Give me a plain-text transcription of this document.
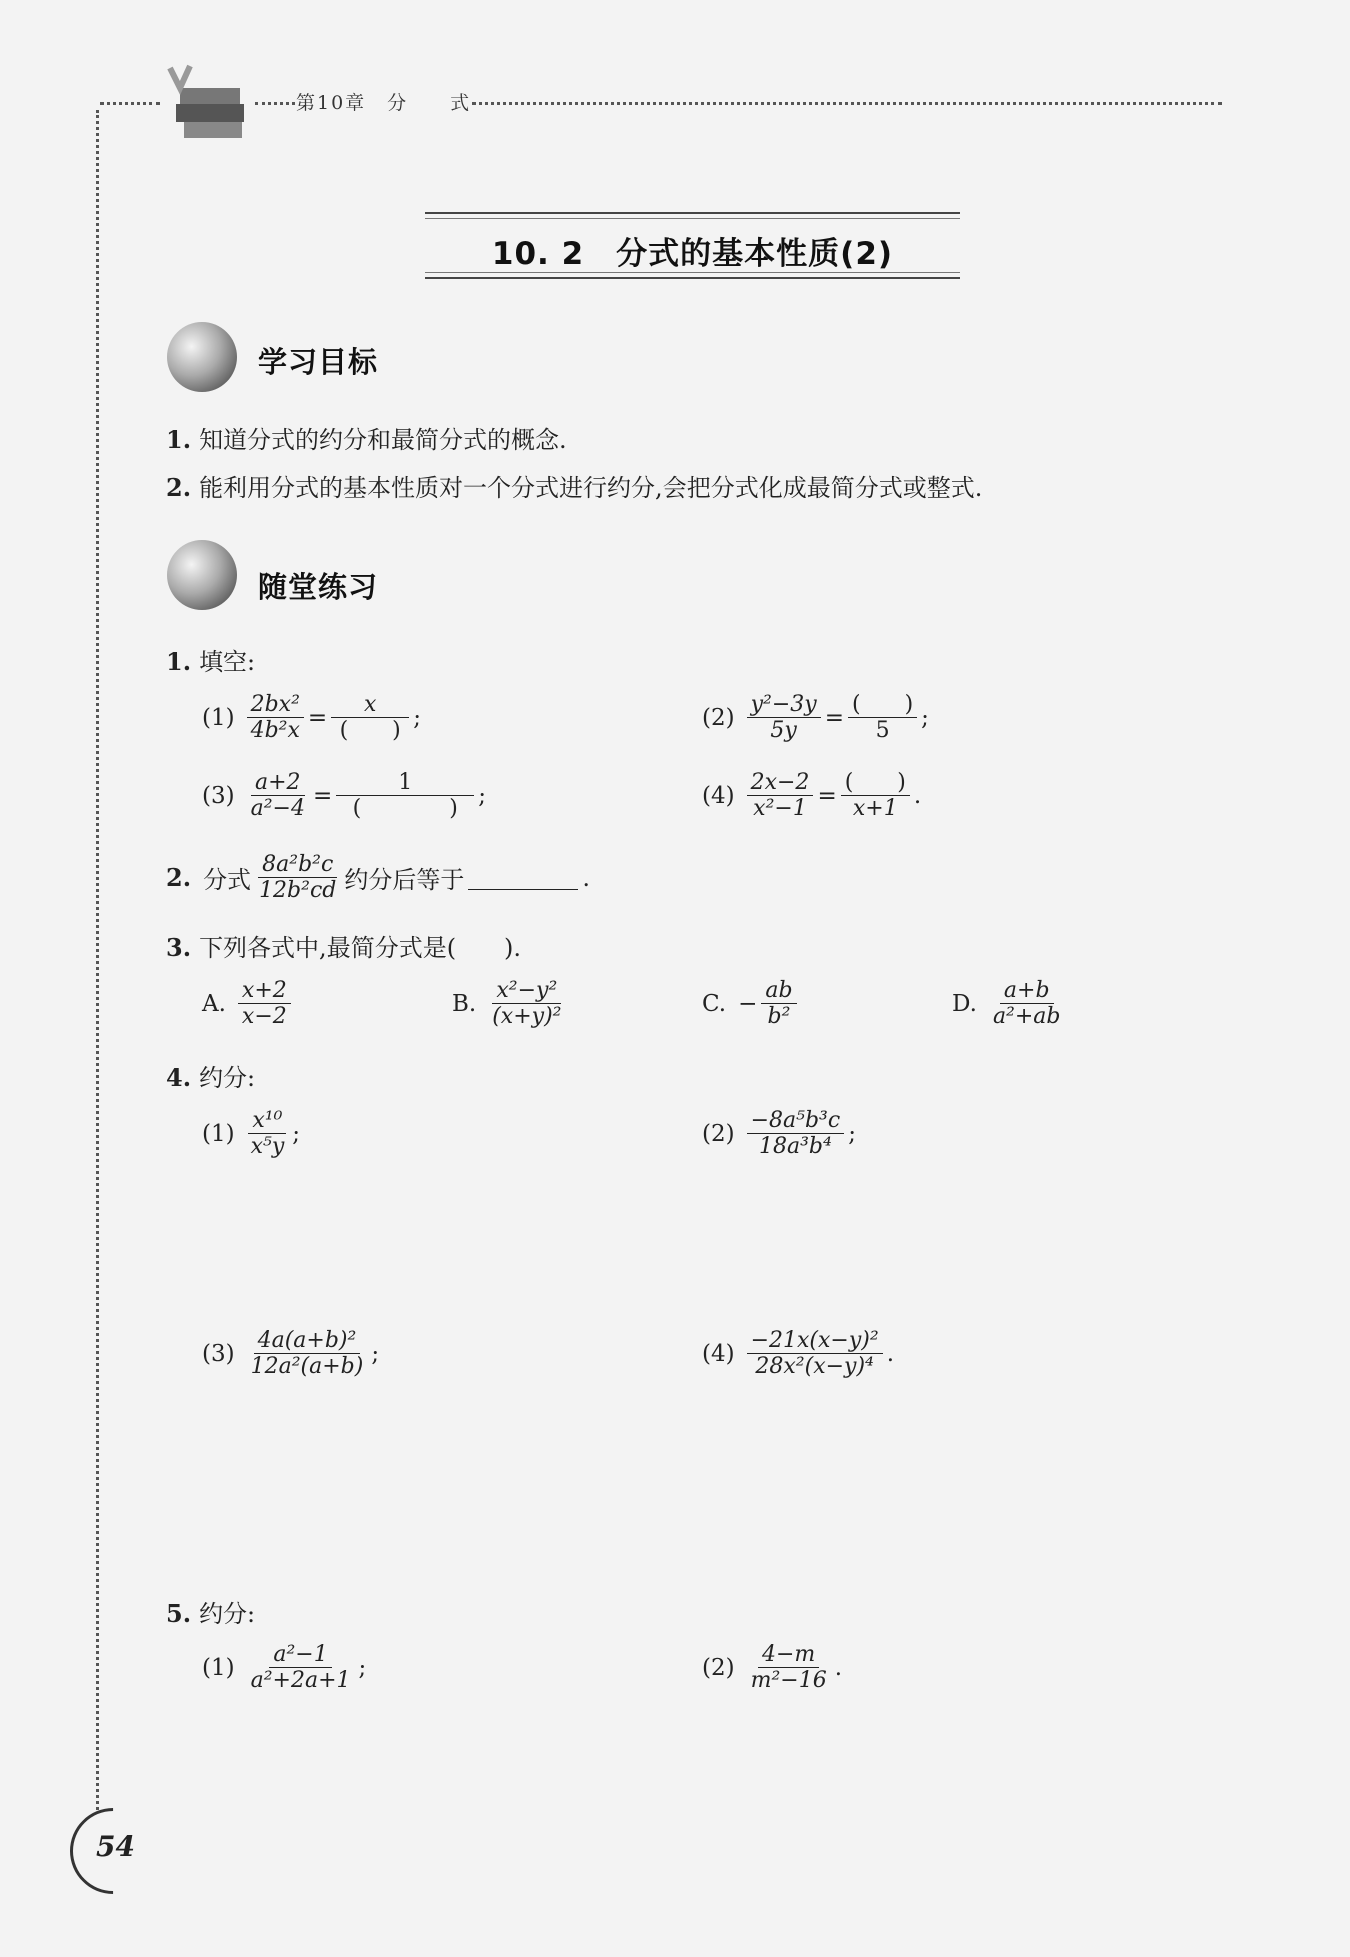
第10章　分　　式
10. 2　分式的基本性质(2)
学习目标
1. 知道分式的约分和最简分式的概念.
2. 能利用分式的基本性质对一个分式进行约分,会把分式化成最简分式或整式.
随堂练习
1. 填空:
$(1) \frac{\text{2bx²}}{\text{4b²x}} = \frac{x}{( )}$ ;	$(2) \frac{\text{y²−3y}}{5y} = \frac{( )}{5}$ ;
$(3) \frac{a+2}{\text{a²−4}} = \frac{1}{( )}$ ;	$(4) \frac{2x-2}{\text{x²−1}} = \frac{( )}{x+1}$ .
2. 分式 $\frac{\text{8a²b²c}}{\text{12b²cd}}$ 约分后等于	.
3. 下列各式中,最简分式是(　　).
A. $\frac{x+2}{x-2}$	B. $\frac{\text{x²−y²}}{\text{(x+y)²}}$	C. − $\frac{ab}{\text{b²}}$	D. $\frac{a+b}{\text{a²+ab}}$
4. 约分:
$(1) \frac{\text{x¹⁰}}{\text{x⁵y}}$ ;	$(2) \frac{\text{−8a⁵b³c}}{\text{18a³b⁴}}$ ;
$(3) \frac{\text{4a(a+b)²}}{\text{12a²(a+b)}}$ ;	$(4) \frac{\text{−21x(x−y)²}}{\text{28x²(x−y)⁴}}$ .
5. 约分:
$(1) \frac{\text{a²−1}}{\text{a²+2a+1}}$ ;	$(2) \frac{4-m}{\text{m²−16}}$ .
54
